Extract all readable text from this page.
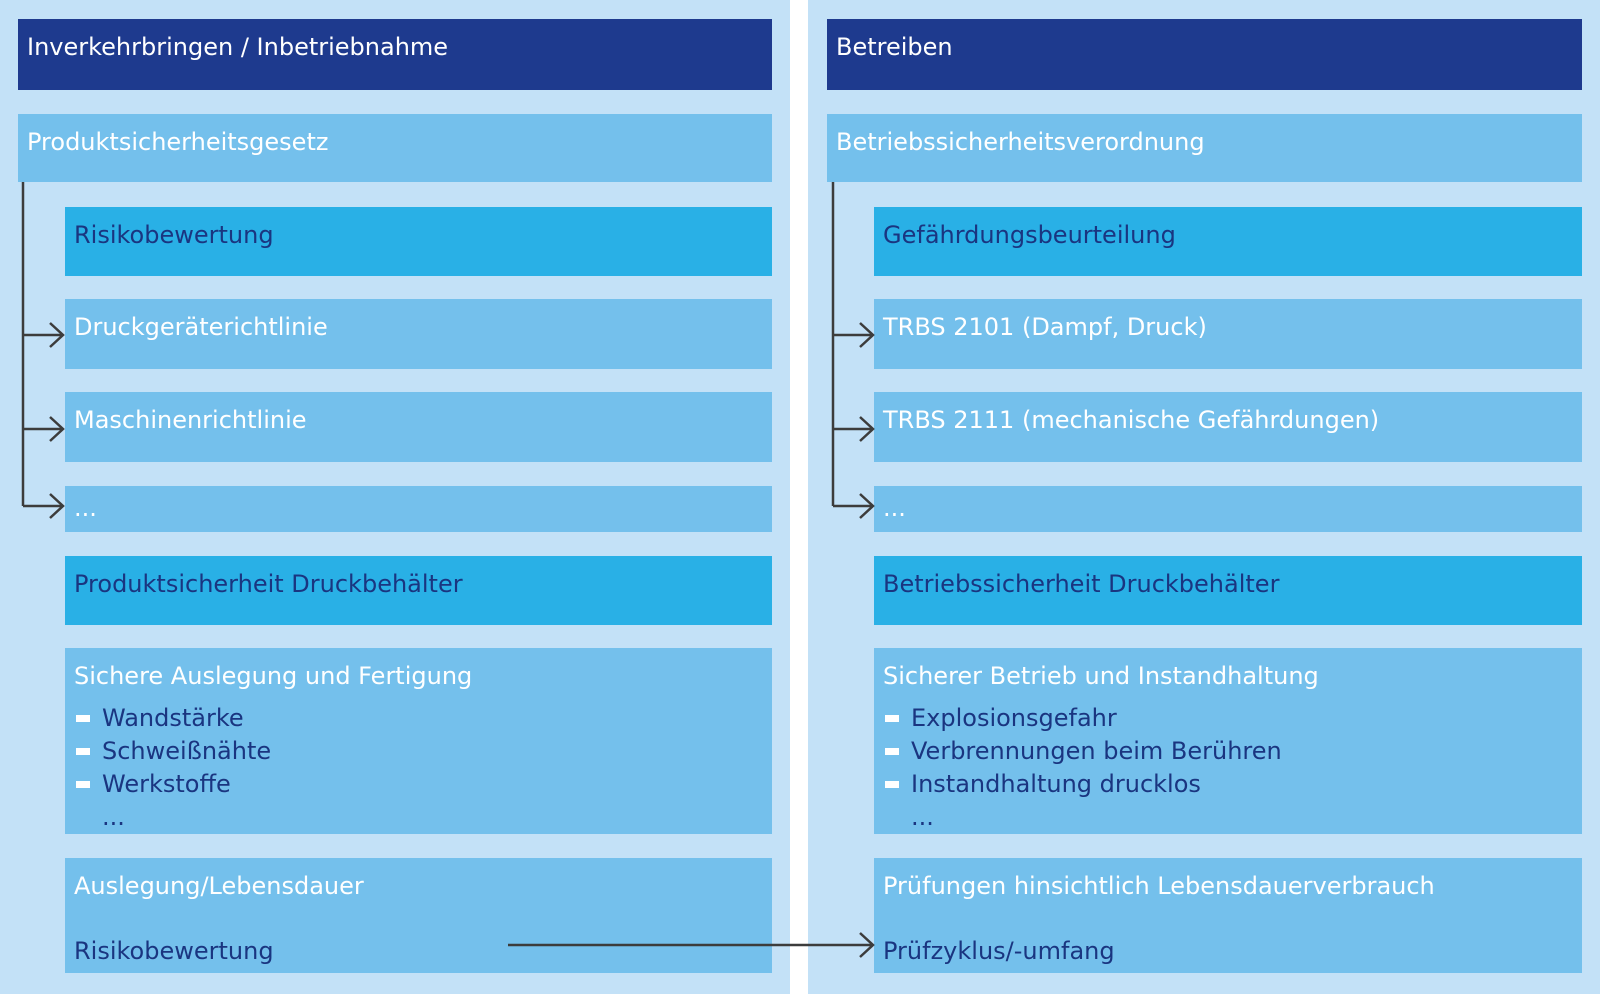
Inverkehrbringen / Inbetriebnahme
Produktsicherheitsgesetz
Risikobewertung
Druckgeräterichtlinie
Maschinenrichtlinie
...
Produktsicherheit Druckbehälter
Sichere Auslegung und Fertigung
Wandstärke
Schweißnähte
Werkstoffe
...
Auslegung/Lebensdauer
Risikobewertung
Betreiben
Betriebssicherheitsverordnung
Gefährdungsbeurteilung
TRBS 2101 (Dampf, Druck)
TRBS 2111 (mechanische Gefährdungen)
...
Betriebssicherheit Druckbehälter
Sicherer Betrieb und Instandhaltung
Explosionsgefahr
Verbrennungen beim Berühren
Instandhaltung drucklos
...
Prüfungen hinsichtlich Lebensdauerverbrauch
Prüfzyklus/-umfang
